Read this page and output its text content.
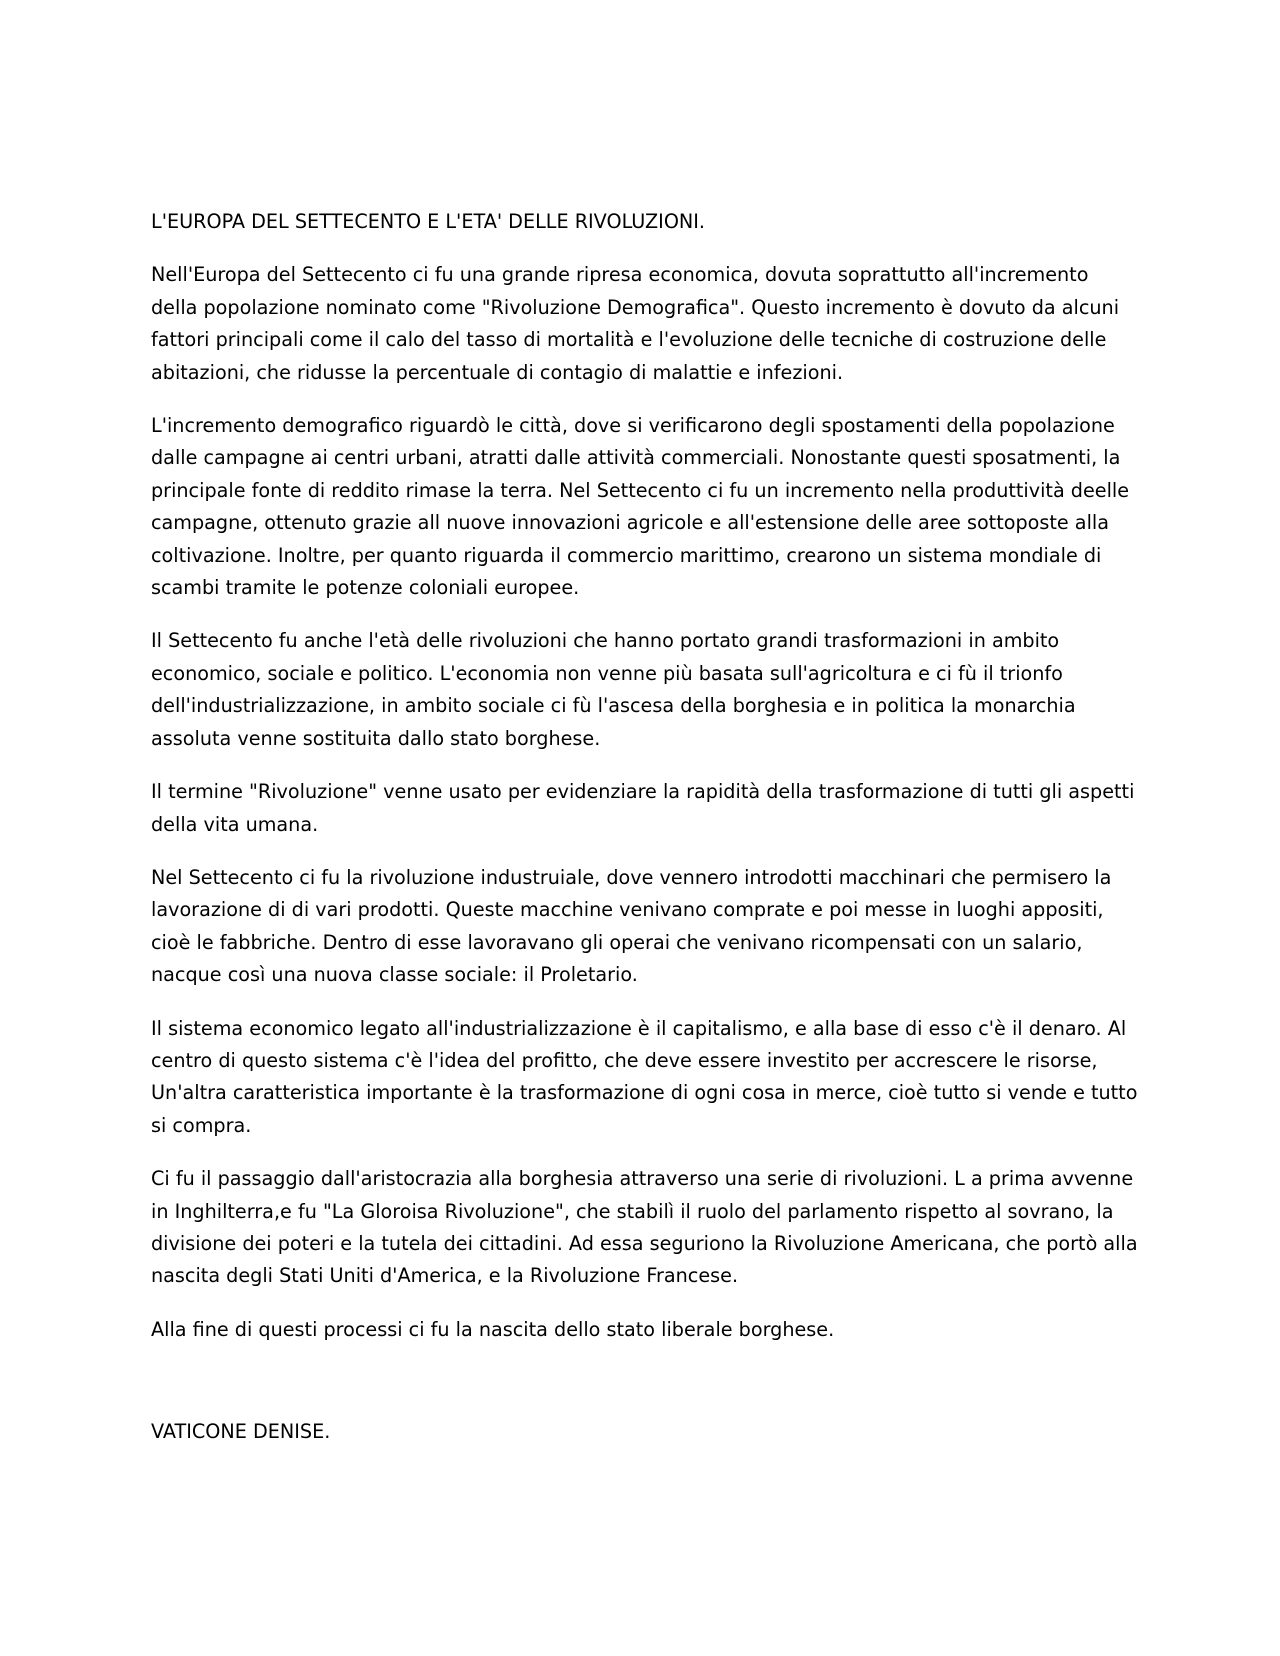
L'EUROPA DEL SETTECENTO E L'ETA' DELLE RIVOLUZIONI.

Nell'Europa del Settecento ci fu una grande ripresa economica, dovuta soprattutto all'incremento della popolazione nominato come "Rivoluzione Demografica". Questo incremento è dovuto da alcuni fattori principali come il calo del tasso di mortalità e l'evoluzione delle tecniche di costruzione delle abitazioni, che ridusse la percentuale di contagio di malattie e infezioni.

L'incremento demografico riguardò le città, dove si verificarono degli spostamenti della popolazione dalle campagne ai centri urbani, atratti dalle attività commerciali. Nonostante questi sposatmenti, la principale fonte di reddito rimase la terra. Nel Settecento ci fu un incremento nella produttività deelle campagne, ottenuto grazie all nuove innovazioni agricole e all'estensione delle aree sottoposte alla coltivazione. Inoltre, per quanto riguarda il commercio marittimo, crearono un sistema mondiale di scambi tramite le potenze coloniali europee.

Il Settecento fu anche l'età delle rivoluzioni che hanno portato grandi trasformazioni in ambito economico, sociale e politico. L'economia non venne più basata sull'agricoltura e ci fù il trionfo dell'industrializzazione, in ambito sociale ci fù l'ascesa della borghesia e in politica la monarchia assoluta venne sostituita dallo stato borghese.

Il termine "Rivoluzione" venne usato per evidenziare la rapidità della trasformazione di tutti gli aspetti della vita umana.

Nel Settecento ci fu la rivoluzione industruiale, dove vennero introdotti macchinari che permisero la lavorazione di di vari prodotti. Queste macchine venivano comprate e poi messe in luoghi appositi, cioè le fabbriche. Dentro di esse lavoravano gli operai che venivano ricompensati con un salario, nacque così una nuova classe sociale: il Proletario.

Il sistema economico legato all'industrializzazione è il capitalismo, e alla base di esso c'è il denaro. Al centro di questo sistema c'è l'idea del profitto, che deve essere investito per accrescere le risorse, Un'altra caratteristica importante è la trasformazione di ogni cosa in merce, cioè tutto si vende e tutto si compra.

Ci fu il passaggio dall'aristocrazia alla borghesia attraverso una serie di rivoluzioni. L a prima avvenne in Inghilterra,e fu "La Gloroisa Rivoluzione", che stabilì il ruolo del parlamento rispetto al sovrano, la divisione dei poteri e la tutela dei cittadini. Ad essa seguriono la Rivoluzione Americana, che portò alla nascita degli Stati Uniti d'America, e la Rivoluzione Francese.

Alla fine di questi processi ci fu la nascita dello stato liberale borghese.

VATICONE DENISE.
